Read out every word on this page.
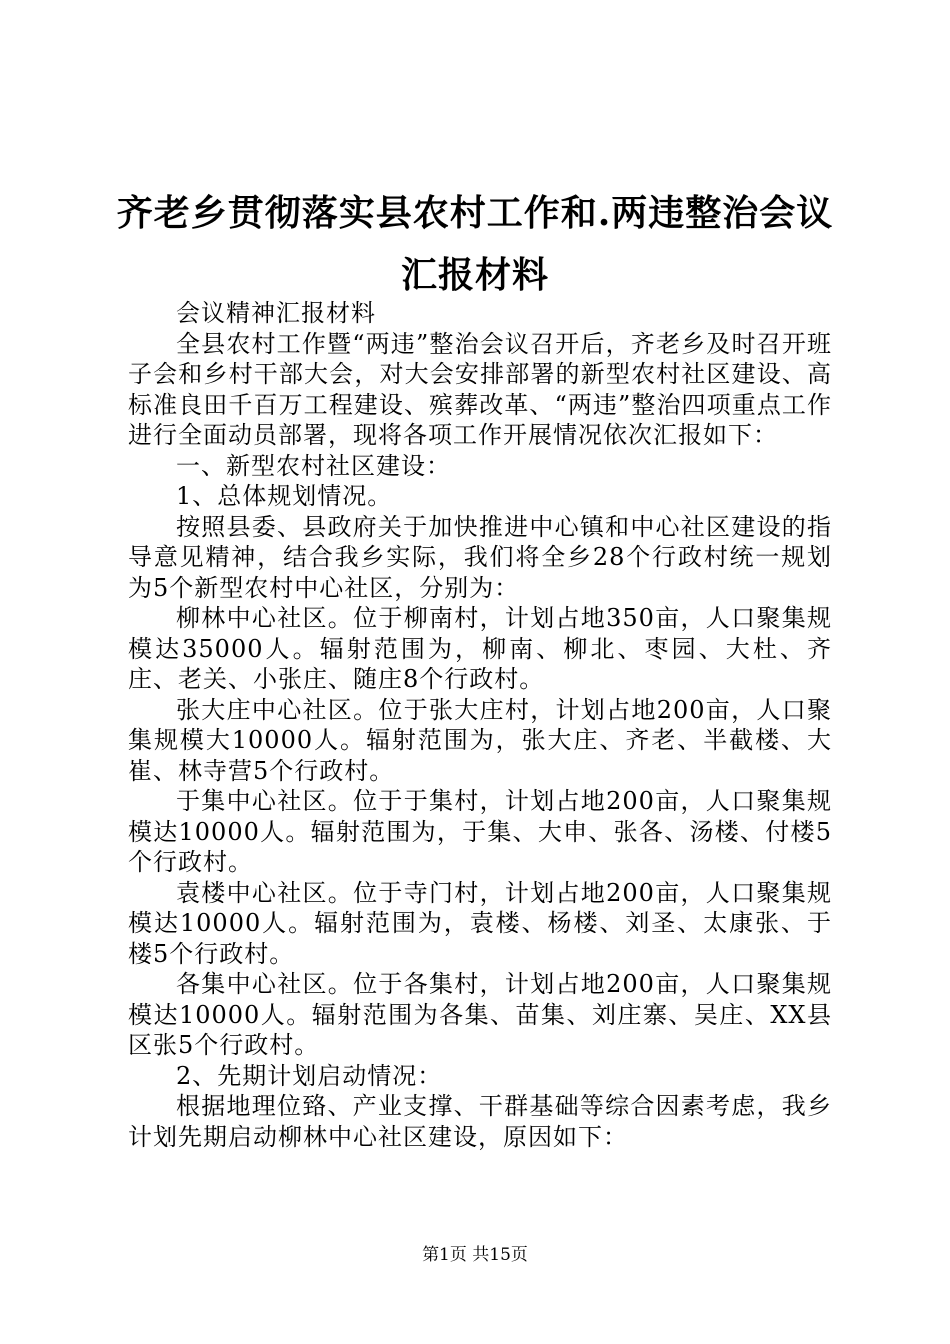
齐老乡贯彻落实县农村工作和.两违整治会议汇报材料

会议精神汇报材料

全县农村工作暨“两违”整治会议召开后，齐老乡及时召开班子会和乡村干部大会，对大会安排部署的新型农村社区建设、高标准良田千百万工程建设、殡葬改革、“两违”整治四项重点工作进行全面动员部署，现将各项工作开展情况依次汇报如下：

一、新型农村社区建设：

1、总体规划情况。

按照县委、县政府关于加快推进中心镇和中心社区建设的指导意见精神，结合我乡实际，我们将全乡28个行政村统一规划为5个新型农村中心社区，分别为：

柳林中心社区。位于柳南村，计划占地350亩，人口聚集规模达35000人。辐射范围为，柳南、柳北、枣园、大杜、齐庄、老关、小张庄、随庄8个行政村。

张大庄中心社区。位于张大庄村，计划占地200亩，人口聚集规模大10000人。辐射范围为，张大庄、齐老、半截楼、大崔、林寺营5个行政村。

于集中心社区。位于于集村，计划占地200亩，人口聚集规模达10000人。辐射范围为，于集、大申、张各、汤楼、付楼5个行政村。

袁楼中心社区。位于寺门村，计划占地200亩，人口聚集规模达10000人。辐射范围为，袁楼、杨楼、刘圣、太康张、于楼5个行政村。

各集中心社区。位于各集村，计划占地200亩，人口聚集规模达10000人。辐射范围为各集、苗集、刘庄寨、吴庄、XX县区张5个行政村。

2、先期计划启动情况：

根据地理位臵、产业支撑、干群基础等综合因素考虑，我乡计划先期启动柳林中心社区建设，原因如下：

第1页 共15页
